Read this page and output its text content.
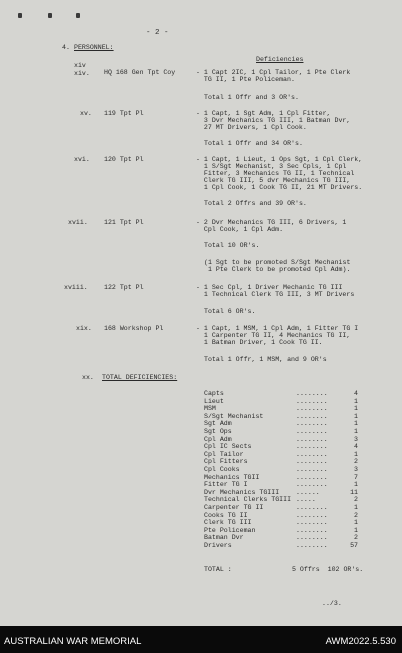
- 2 -
4. PERSONNEL:
Deficiencies
xiv
xiv. HQ 168 Gen Tpt Coy	- 1 Capt 2IC, 1 Cpl Tailor, 1 Pte Clerk
TG II, 1 Pte Policeman.
Total 1 Offr and 3 OR's.
xv. 119 Tpt Pl	- 1 Capt, 1 Sgt Adm, 1 Cpl Fitter,
3 Dvr Mechanics TG III, 1 Batman Dvr,
27 MT Drivers, 1 Cpl Cook.
Total 1 Offr and 34 OR's.
xvi. 120 Tpt Pl	- 1 Capt, 1 Lieut, 1 Ops Sgt, 1 Cpl Clerk,
1 S/Sgt Mechanist, 3 Sec Cpls, 1 Cpl
Fitter, 3 Mechanics TG II, 1 Technical
Clerk TG III, 5 dvr Mechanics TG III,
1 Cpl Cook, 1 Cook TG II, 21 MT Drivers.
Total 2 Offrs and 39 OR's.
xvii. 121 Tpt Pl	- 2 Dvr Mechanics TG III, 6 Drivers, 1
Cpl Cook, 1 Cpl Adm.
Total 10 OR's.
(1 Sgt to be promoted S/Sgt Mechanist
1 Pte Clerk to be promoted Cpl Adm).
xviii. 122 Tpt Pl	- 1 Sec Cpl, 1 Driver Mechanic TG III
1 Technical Clerk TG III, 3 MT Drivers
Total 6 OR's.
xix. 168 Workshop Pl	- 1 Capt, 1 MSM, 1 Cpl Adm, 1 Fitter TG I
1 Carpenter TG II, 4 Mechanics TG II,
1 Batman Driver, 1 Cook TG II.
Total 1 Offr, 1 MSM, and 9 OR's
xx. TOTAL DEFICIENCIES:
Capts	........	4
Lieut	........	1
MSM	........	1
S/Sgt Mechanist	........	1
Sgt Adm	........	1
Sgt Ops	........	1
Cpl Adm	........	3
Cpl IC Sects	........	4
Cpl Tailor	........	1
Cpl Fitters	........	2
Cpl Cooks	........	3
Mechanics TGII	........	7
Fitter TG I	........	1
Dvr Mechanics TGIII	......	11
Technical Clerks TGIII .....	2
Carpenter TG II	........	1
Cooks TG II	........	2
Clerk TG III	........	1
Pte Policeman	........	1
Batman Dvr	........	2
Drivers	........	57
TOTAL :	5 Offrs  102 OR's.
../3.
AUSTRALIAN WAR MEMORIAL	AWM2022.5.530
